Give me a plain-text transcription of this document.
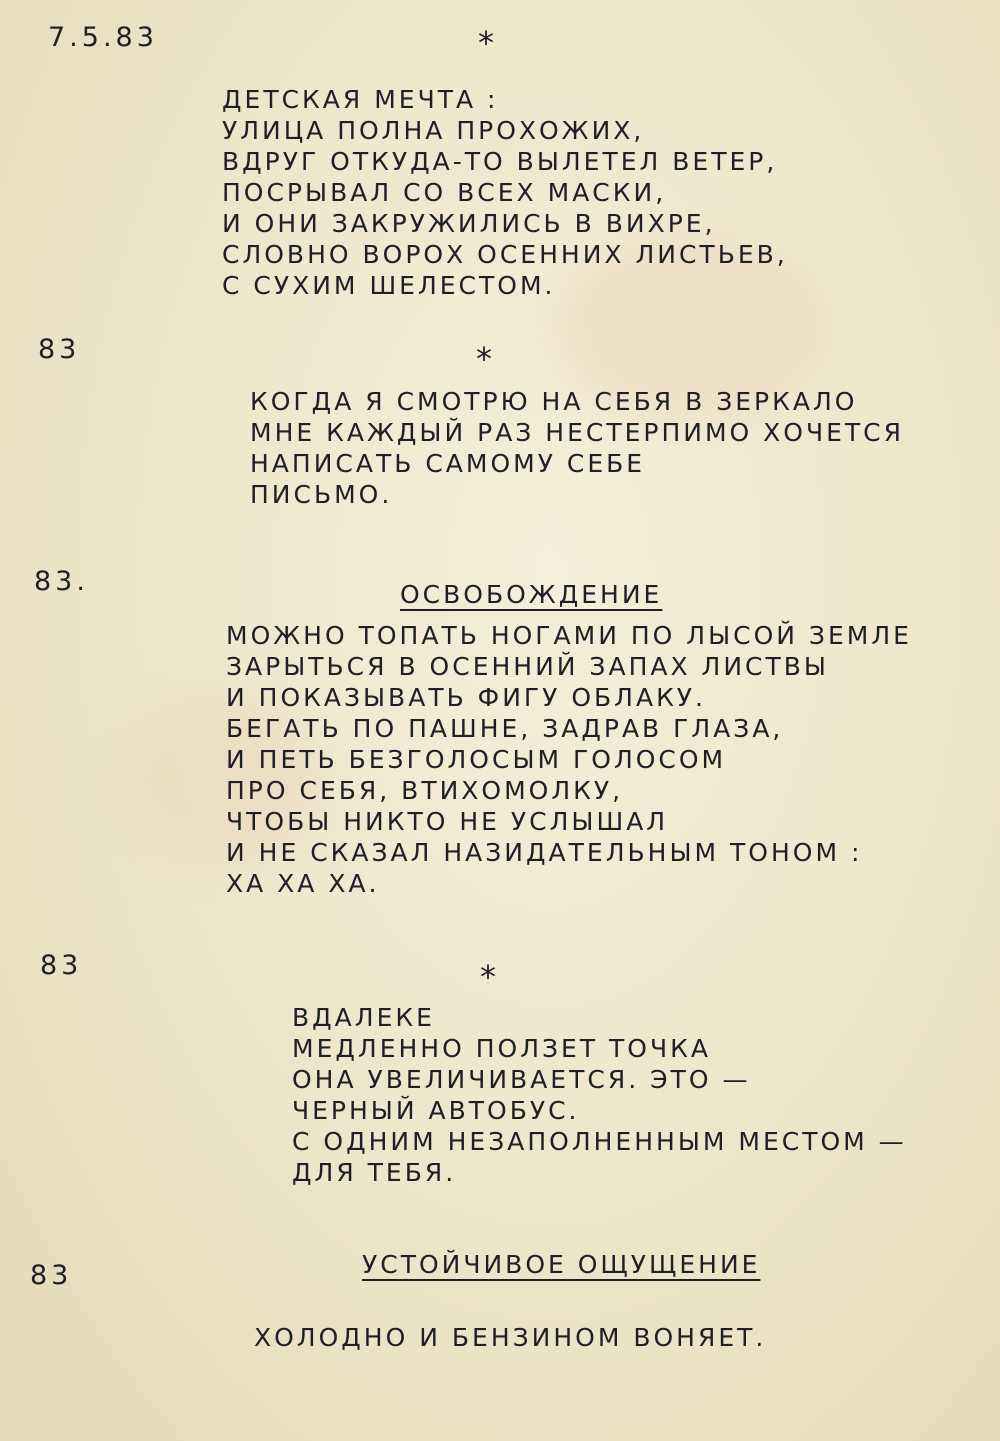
7.5.83	*
ДЕТСКАЯ МЕЧТА :
УЛИЦА ПОЛНА ПРОХОЖИХ,
ВДРУГ ОТКУДА-ТО ВЫЛЕТЕЛ ВЕТЕР,
ПОСРЫВАЛ СО ВСЕХ МАСКИ,
И ОНИ ЗАКРУЖИЛИСЬ В ВИХРЕ,
СЛОВНО ВОРОХ ОСЕННИХ ЛИСТЬЕВ,
С СУХИМ ШЕЛЕСТОМ.
83	*
КОГДА Я СМОТРЮ НА СЕБЯ В ЗЕРКАЛО
МНЕ КАЖДЫЙ РАЗ НЕСТЕРПИМО ХОЧЕТСЯ
НАПИСАТЬ САМОМУ СЕБЕ
ПИСЬМО.
83.	ОСВОБОЖДЕНИЕ
МОЖНО ТОПАТЬ НОГАМИ ПО ЛЫСОЙ ЗЕМЛЕ
ЗАРЫТЬСЯ В ОСЕННИЙ ЗАПАХ ЛИСТВЫ
И ПОКАЗЫВАТЬ ФИГУ ОБЛАКУ.
БЕГАТЬ ПО ПАШНЕ, ЗАДРАВ ГЛАЗА,
И ПЕТЬ БЕЗГОЛОСЫМ ГОЛОСОМ
ПРО СЕБЯ, ВТИХОМОЛКУ,
ЧТОБЫ НИКТО НЕ УСЛЫШАЛ
И НЕ СКАЗАЛ НАЗИДАТЕЛЬНЫМ ТОНОМ :
ХА ХА ХА.
83	*
ВДАЛЕКЕ
МЕДЛЕННО ПОЛЗЕТ ТОЧКА
ОНА УВЕЛИЧИВАЕТСЯ. ЭТО —
ЧЕРНЫЙ АВТОБУС.
С ОДНИМ НЕЗАПОЛНЕННЫМ МЕСТОМ —
ДЛЯ ТЕБЯ.
83	УСТОЙЧИВОЕ ОЩУЩЕНИЕ
ХОЛОДНО И БЕНЗИНОМ ВОНЯЕТ.
